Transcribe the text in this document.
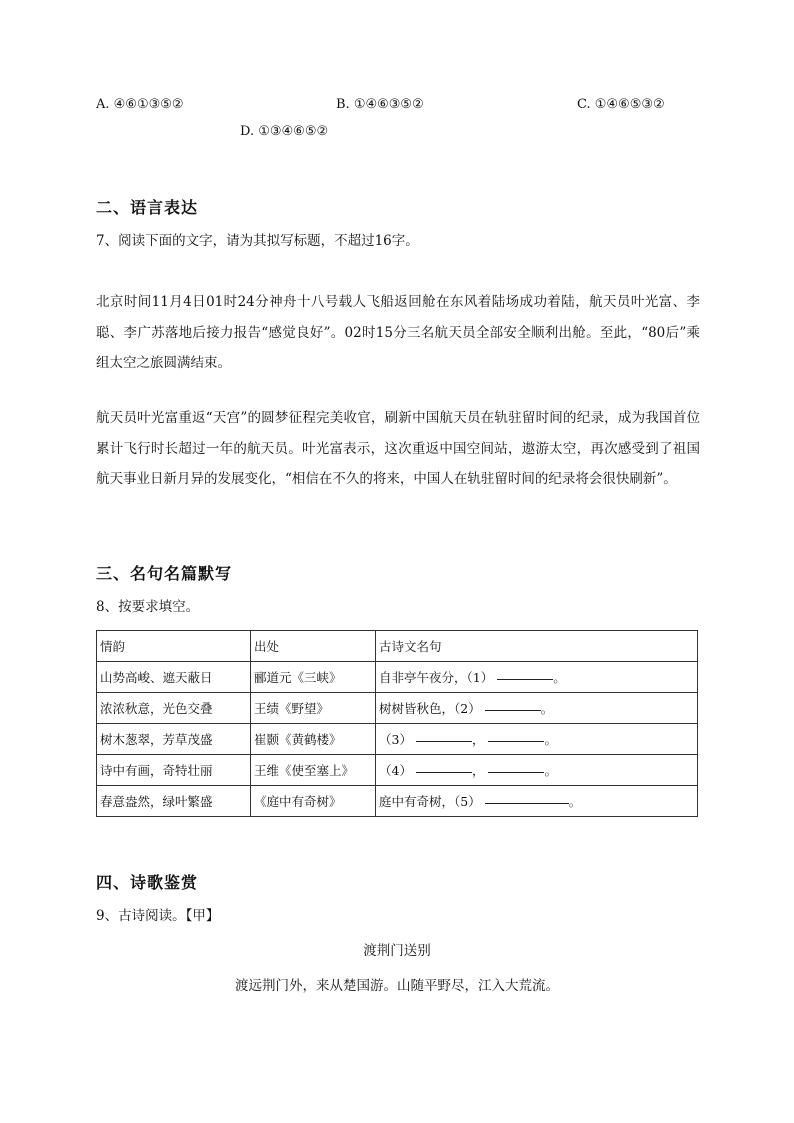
A. ④⑥①③⑤②	B. ①④⑥③⑤②	C. ①④⑥⑤③②
D. ①③④⑥⑤②
二、语言表达
7、阅读下面的文字，请为其拟写标题，不超过16字。
北京时间11月4日01时24分神舟十八号载人飞船返回舱在东风着陆场成功着陆，航天员叶光富、李聪、李广苏落地后接力报告“感觉良好”。02时15分三名航天员全部安全顺利出舱。至此，“80后”乘组太空之旅圆满结束。
航天员叶光富重返“天宫”的圆梦征程完美收官，刷新中国航天员在轨驻留时间的纪录，成为我国首位累计飞行时长超过一年的航天员。叶光富表示，这次重返中国空间站，遨游太空，再次感受到了祖国航天事业日新月异的发展变化，“相信在不久的将来，中国人在轨驻留时间的纪录将会很快刷新”。
三、名句名篇默写
8、按要求填空。
情韵	出处	古诗文名句
山势高峻、遮天蔽日	郦道元《三峡》	自非亭午夜分，（1） 。
浓浓秋意，光色交叠	王绩《野望》	树树皆秋色，（2） 。
树木葱翠，芳草茂盛	崔颢《黄鹤楼》	（3） ， 。
诗中有画，奇特壮丽	王维《使至塞上》	（4） ， 。
春意盎然，绿叶繁盛	《庭中有奇树》	庭中有奇树，（5） 。
四、诗歌鉴赏
9、古诗阅读。【甲】
渡荆门送别
渡远荆门外，来从楚国游。山随平野尽，江入大荒流。
